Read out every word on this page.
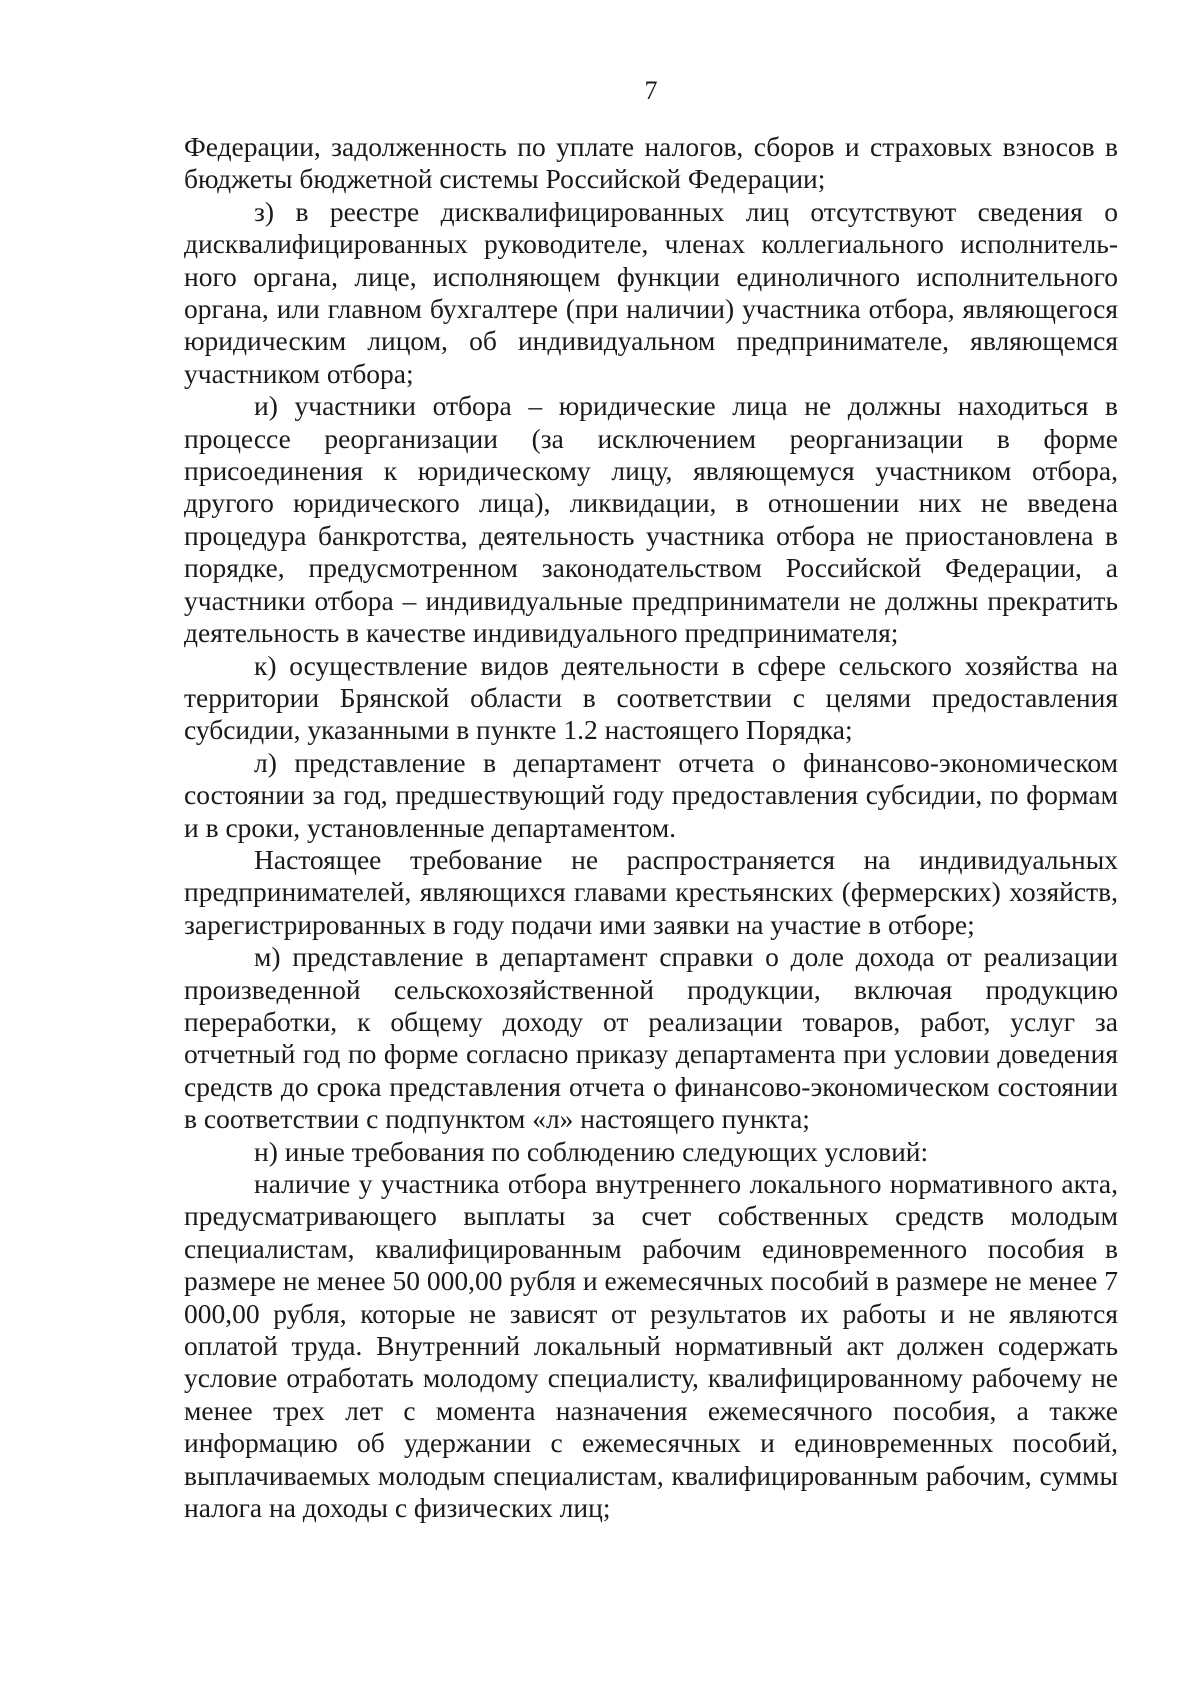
7

Федерации, задолженность по уплате налогов, сборов и страховых взносов в бюджеты бюджетной системы Российской Федерации;

з) в реестре дисквалифицированных лиц отсутствуют сведения о дисквалифицированных руководителе, членах коллегиального исполнительного органа, лице, исполняющем функции единоличного исполнительного органа, или главном бухгалтере (при наличии) участника отбора, являющегося юридическим лицом, об индивидуальном предпринимателе, являющемся участником отбора;

и) участники отбора – юридические лица не должны находиться в процессе реорганизации (за исключением реорганизации в форме присоединения к юридическому лицу, являющемуся участником отбора, другого юридического лица), ликвидации, в отношении них не введена процедура банкротства, деятельность участника отбора не приостановлена в порядке, предусмотренном законодательством Российской Федерации, а участники отбора – индивидуальные предприниматели не должны прекратить деятельность в качестве индивидуального предпринимателя;

к) осуществление видов деятельности в сфере сельского хозяйства на территории Брянской области в соответствии с целями предоставления субсидии, указанными в пункте 1.2 настоящего Порядка;

л) представление в департамент отчета о финансово-экономическом состоянии за год, предшествующий году предоставления субсидии, по формам и в сроки, установленные департаментом.

Настоящее требование не распространяется на индивидуальных предпринимателей, являющихся главами крестьянских (фермерских) хозяйств, зарегистрированных в году подачи ими заявки на участие в отборе;

м) представление в департамент справки о доле дохода от реализации произведенной сельскохозяйственной продукции, включая продукцию переработки, к общему доходу от реализации товаров, работ, услуг за отчетный год по форме согласно приказу департамента при условии доведения средств до срока представления отчета о финансово-экономическом состоянии в соответствии с подпунктом «л» настоящего пункта;

н) иные требования по соблюдению следующих условий:

наличие у участника отбора внутреннего локального нормативного акта, предусматривающего выплаты за счет собственных средств молодым специалистам, квалифицированным рабочим единовременного пособия в размере не менее 50 000,00 рубля и ежемесячных пособий в размере не менее 7 000,00 рубля, которые не зависят от результатов их работы и не являются оплатой труда. Внутренний локальный нормативный акт должен содержать условие отработать молодому специалисту, квалифицированному рабочему не менее трех лет с момента назначения ежемесячного пособия, а также информацию об удержании с ежемесячных и единовременных пособий, выплачиваемых молодым специалистам, квалифицированным рабочим, суммы налога на доходы с физических лиц;
